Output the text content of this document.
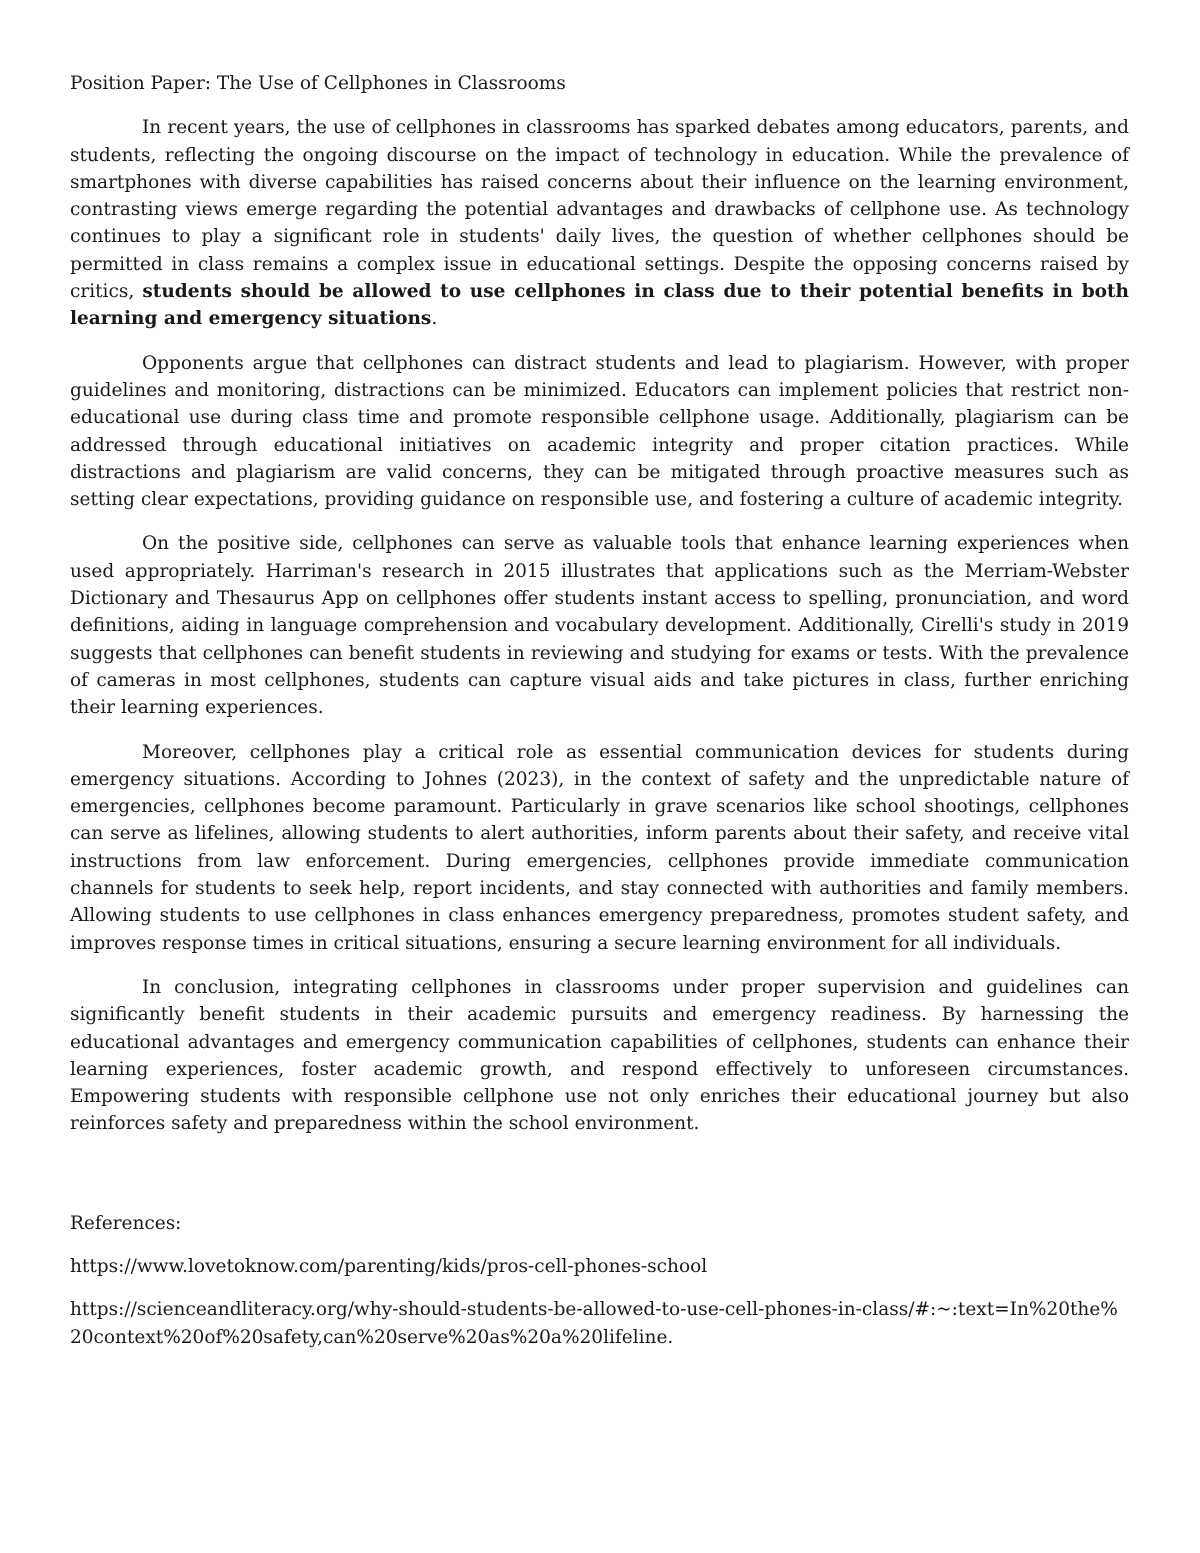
Position Paper: The Use of Cellphones in Classrooms

In recent years, the use of cellphones in classrooms has sparked debates among educators, parents, and students, reflecting the ongoing discourse on the impact of technology in education. While the prevalence of smartphones with diverse capabilities has raised concerns about their influence on the learning environment, contrasting views emerge regarding the potential advantages and drawbacks of cellphone use. As technology continues to play a significant role in students' daily lives, the question of whether cellphones should be permitted in class remains a complex issue in educational settings. Despite the opposing concerns raised by critics, students should be allowed to use cellphones in class due to their potential benefits in both learning and emergency situations.

Opponents argue that cellphones can distract students and lead to plagiarism. However, with proper guidelines and monitoring, distractions can be minimized. Educators can implement policies that restrict non-educational use during class time and promote responsible cellphone usage. Additionally, plagiarism can be addressed through educational initiatives on academic integrity and proper citation practices. While distractions and plagiarism are valid concerns, they can be mitigated through proactive measures such as setting clear expectations, providing guidance on responsible use, and fostering a culture of academic integrity.

On the positive side, cellphones can serve as valuable tools that enhance learning experiences when used appropriately. Harriman's research in 2015 illustrates that applications such as the Merriam-Webster Dictionary and Thesaurus App on cellphones offer students instant access to spelling, pronunciation, and word definitions, aiding in language comprehension and vocabulary development. Additionally, Cirelli's study in 2019 suggests that cellphones can benefit students in reviewing and studying for exams or tests. With the prevalence of cameras in most cellphones, students can capture visual aids and take pictures in class, further enriching their learning experiences.

Moreover, cellphones play a critical role as essential communication devices for students during emergency situations. According to Johnes (2023), in the context of safety and the unpredictable nature of emergencies, cellphones become paramount. Particularly in grave scenarios like school shootings, cellphones can serve as lifelines, allowing students to alert authorities, inform parents about their safety, and receive vital instructions from law enforcement. During emergencies, cellphones provide immediate communication channels for students to seek help, report incidents, and stay connected with authorities and family members. Allowing students to use cellphones in class enhances emergency preparedness, promotes student safety, and improves response times in critical situations, ensuring a secure learning environment for all individuals.

In conclusion, integrating cellphones in classrooms under proper supervision and guidelines can significantly benefit students in their academic pursuits and emergency readiness. By harnessing the educational advantages and emergency communication capabilities of cellphones, students can enhance their learning experiences, foster academic growth, and respond effectively to unforeseen circumstances. Empowering students with responsible cellphone use not only enriches their educational journey but also reinforces safety and preparedness within the school environment.

References:
https://www.lovetoknow.com/parenting/kids/pros-cell-phones-school
https://scienceandliteracy.org/why-should-students-be-allowed-to-use-cell-phones-in-class/#:~:text=In%20the%20context%20of%20safety,can%20serve%20as%20a%20lifeline.
